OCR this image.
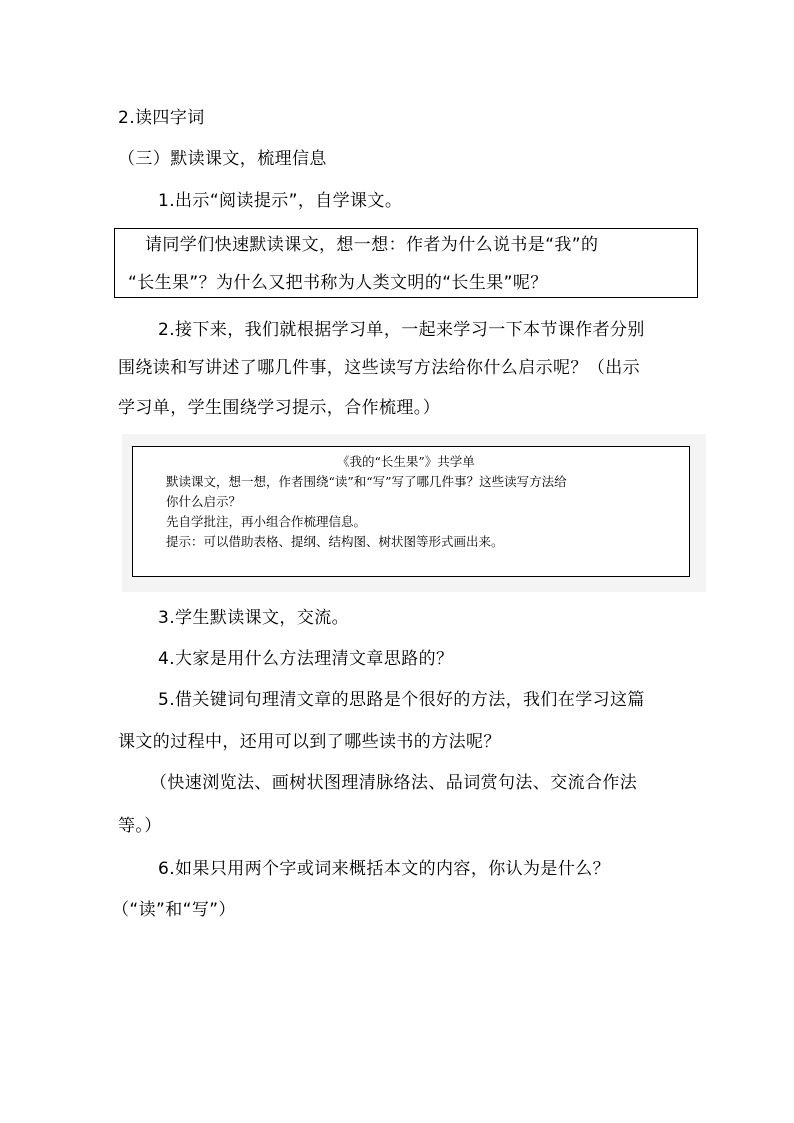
2.读四字词
（三）默读课文，梳理信息
1.出示“阅读提示”，自学课文。
请同学们快速默读课文，想一想：作者为什么说书是“我”的
“长生果”？为什么又把书称为人类文明的“长生果”呢？
2.接下来，我们就根据学习单，一起来学习一下本节课作者分别
围绕读和写讲述了哪几件事，这些读写方法给你什么启示呢？（出示
学习单，学生围绕学习提示，合作梳理。）
《我的“长生果”》共学单
默读课文，想一想，作者围绕“读”和“写”写了哪几件事？这些读写方法给
你什么启示？
先自学批注，再小组合作梳理信息。
提示：可以借助表格、提纲、结构图、树状图等形式画出来。
3.学生默读课文，交流。
4.大家是用什么方法理清文章思路的？
5.借关键词句理清文章的思路是个很好的方法，我们在学习这篇
课文的过程中，还用可以到了哪些读书的方法呢？
（快速浏览法、画树状图理清脉络法、品词赏句法、交流合作法
等。）
6.如果只用两个字或词来概括本文的内容，你认为是什么？
（“读”和“写”）
